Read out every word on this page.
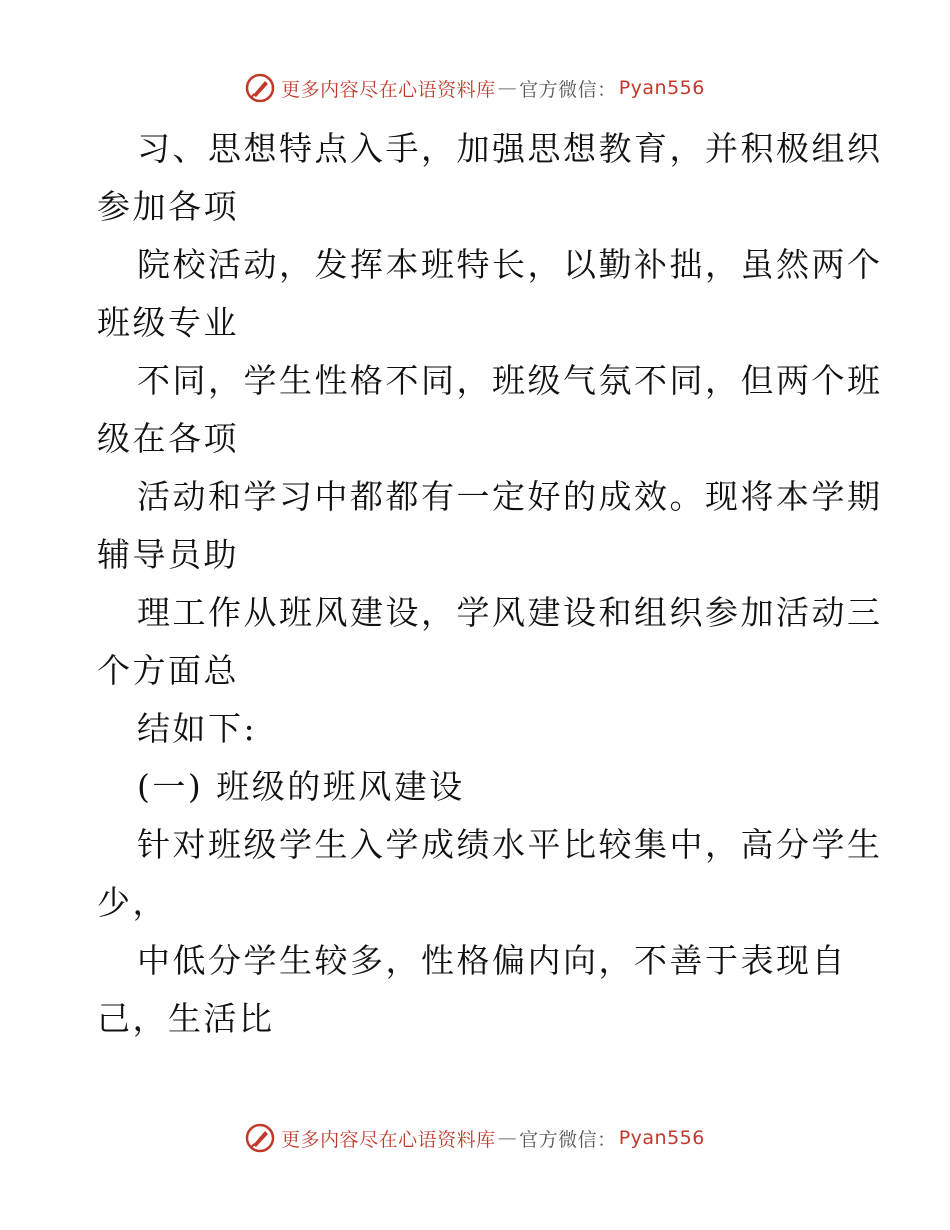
更多内容尽在心语资料库 — 官方微信： Pyan556
习、思想特点入手，加强思想教育，并积极组织
参加各项
院校活动，发挥本班特长，以勤补拙，虽然两个
班级专业
不同，学生性格不同，班级气氛不同，但两个班
级在各项
活动和学习中都都有一定好的成效。现将本学期
辅导员助
理工作从班风建设，学风建设和组织参加活动三
个方面总
结如下:
(一) 班级的班风建设
针对班级学生入学成绩水平比较集中，高分学生
少，
中低分学生较多，性格偏内向，不善于表现自
己，生活比
更多内容尽在心语资料库 — 官方微信： Pyan556
